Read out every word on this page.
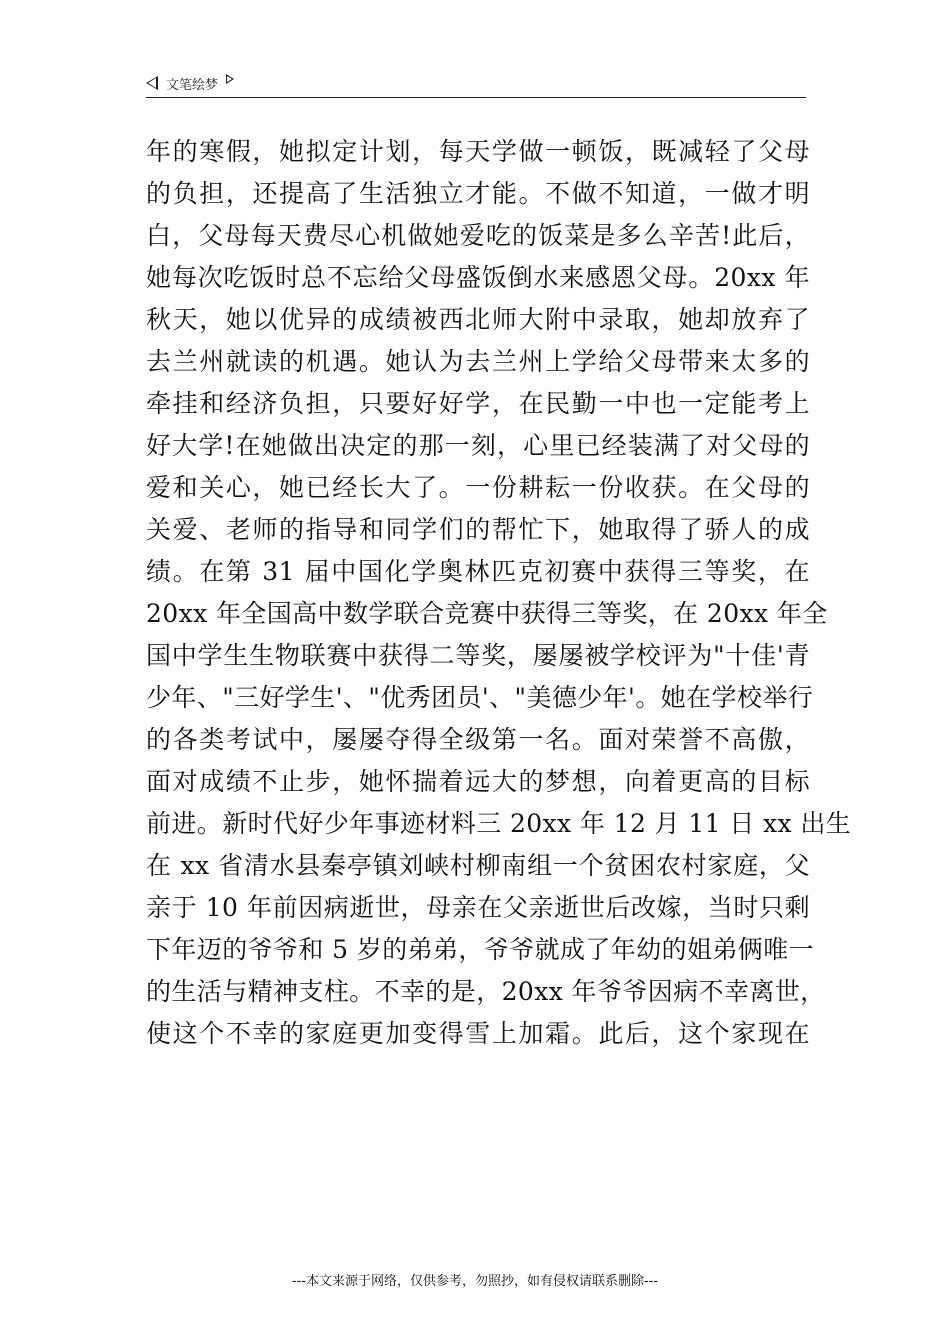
文笔绘梦
年的寒假，她拟定计划，每天学做一顿饭，既减轻了父母
的负担，还提高了生活独立才能。不做不知道，一做才明
白，父母每天费尽心机做她爱吃的饭菜是多么辛苦!此后，
她每次吃饭时总不忘给父母盛饭倒水来感恩父母。20xx 年
秋天，她以优异的成绩被西北师大附中录取，她却放弃了
去兰州就读的机遇。她认为去兰州上学给父母带来太多的
牵挂和经济负担，只要好好学，在民勤一中也一定能考上
好大学!在她做出决定的那一刻，心里已经装满了对父母的
爱和关心，她已经长大了。一份耕耘一份收获。在父母的
关爱、老师的指导和同学们的帮忙下，她取得了骄人的成
绩。在第 31 届中国化学奥林匹克初赛中获得三等奖，在
20xx 年全国高中数学联合竞赛中获得三等奖，在 20xx 年全
国中学生生物联赛中获得二等奖，屡屡被学校评为"十佳'青
少年、"三好学生'、"优秀团员'、"美德少年'。她在学校举行
的各类考试中，屡屡夺得全级第一名。面对荣誉不高傲，
面对成绩不止步，她怀揣着远大的梦想，向着更高的目标
前进。新时代好少年事迹材料三 20xx 年 12 月 11 日 xx 出生
在 xx 省清水县秦亭镇刘峡村柳南组一个贫困农村家庭，父
亲于 10 年前因病逝世，母亲在父亲逝世后改嫁，当时只剩
下年迈的爷爷和 5 岁的弟弟，爷爷就成了年幼的姐弟俩唯一
的生活与精神支柱。不幸的是，20xx 年爷爷因病不幸离世，
使这个不幸的家庭更加变得雪上加霜。此后，这个家现在
---本文来源于网络，仅供参考，勿照抄，如有侵权请联系删除---
